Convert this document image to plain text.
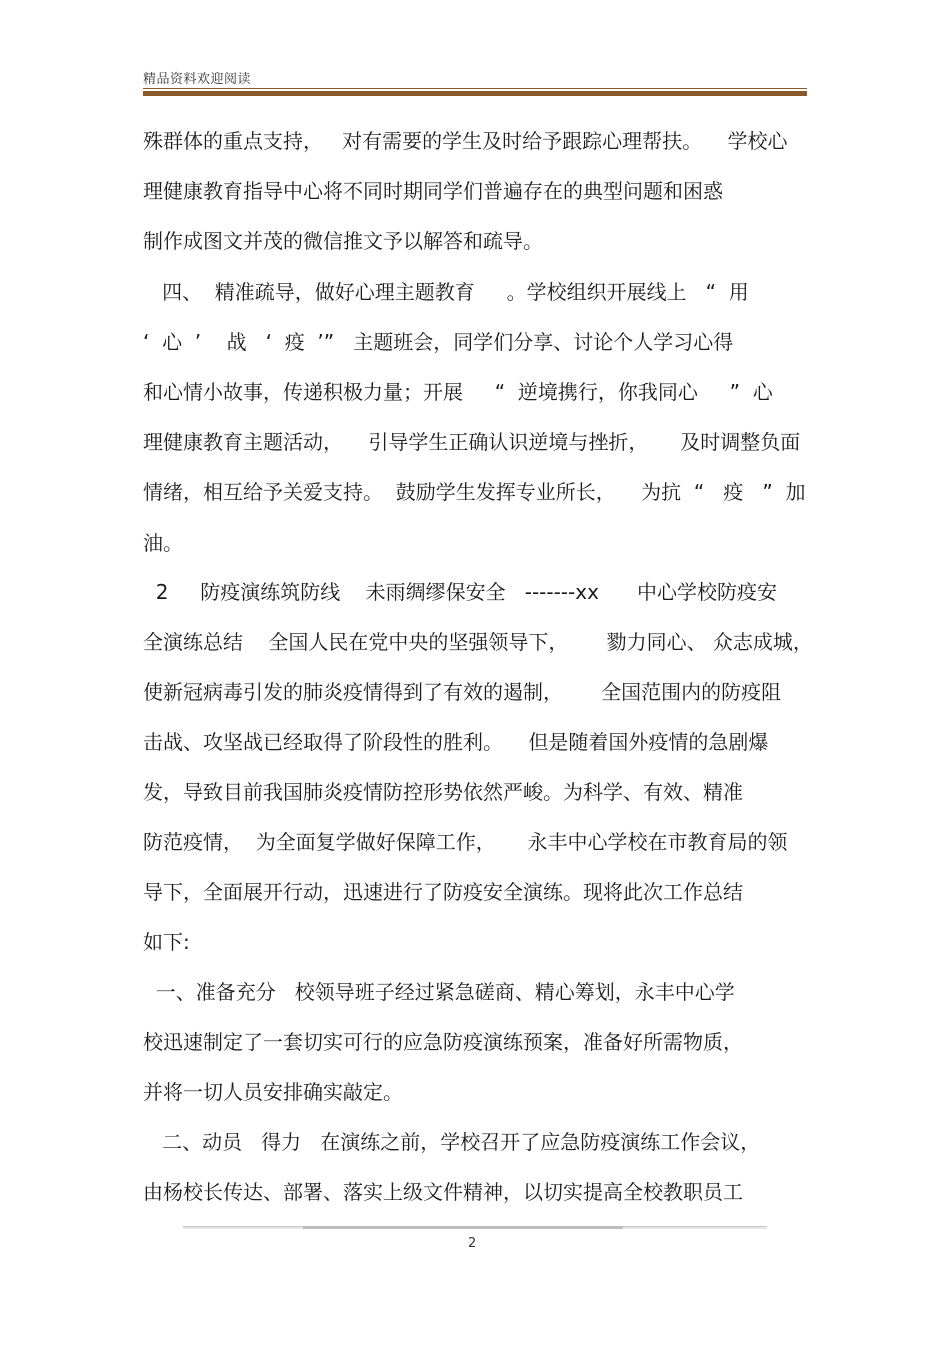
精品资料欢迎阅读
殊群体的重点支持，   对有需要的学生及时给予跟踪心理帮扶。    学校心
理健康教育指导中心将不同时期同学们普遍存在的典型问题和困惑
制作成图文并茂的微信推文予以解答和疏导。
四、  精准疏导，做好心理主题教育     。学校组织开展线上   “  用
‘  心  ’    战   ‘  疫  ’”   主题班会，同学们分享、讨论个人学习心得
和心情小故事，传递积极力量；开展     “  逆境携行，你我同心     ”  心
理健康教育主题活动，    引导学生正确认识逆境与挫折，     及时调整负面
情绪，相互给予关爱支持。  鼓励学生发挥专业所长，    为抗  “   疫   ”  加
油。
2     防疫演练筑防线    未雨绸缪保安全   -------xx      中心学校防疫安
全演练总结    全国人民在党中央的坚强领导下，      勠力同心、 众志成城，
使新冠病毒引发的肺炎疫情得到了有效的遏制，      全国范围内的防疫阻
击战、攻坚战已经取得了阶段性的胜利。    但是随着国外疫情的急剧爆
发，导致目前我国肺炎疫情防控形势依然严峻。为科学、有效、精准
防范疫情，  为全面复学做好保障工作，     永丰中心学校在市教育局的领
导下，全面展开行动，迅速进行了防疫安全演练。现将此次工作总结
如下:
一、准备充分   校领导班子经过紧急磋商、精心筹划，永丰中心学
校迅速制定了一套切实可行的应急防疫演练预案，准备好所需物质，
并将一切人员安排确实敲定。
二、动员   得力   在演练之前，学校召开了应急防疫演练工作会议，
由杨校长传达、部署、落实上级文件精神，以切实提高全校教职员工
2
